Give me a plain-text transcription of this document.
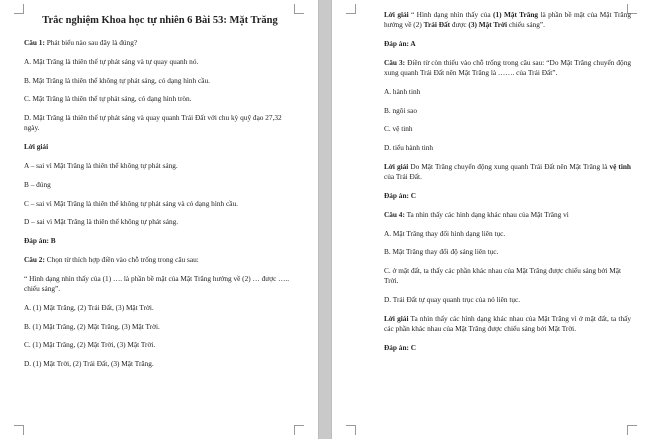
Trắc nghiệm Khoa học tự nhiên 6 Bài 53: Mặt Trăng
Câu 1: Phát biểu nào sau đây là đúng?
A. Mặt Trăng là thiên thể tự phát sáng và tự quay quanh nó.
B. Mặt Trăng là thiên thể không tự phát sáng, có dạng hình cầu.
C. Mặt Trăng là thiên thể tự phát sáng, có dạng hình tròn.
D. Mặt Trăng là thiên thể tự phát sáng và quay quanh Trái Đất với chu kỳ quỹ đạo 27,32 ngày.
Lời giải
A – sai vì Mặt Trăng là thiên thể không tự phát sáng.
B – đúng
C – sai vì Mặt Trăng là thiên thể không tự phát sáng và có dạng hình cầu.
D – sai vì Mặt Trăng là thiên thể không tự phát sáng.
Đáp án: B
Câu 2: Chọn từ thích hợp điền vào chỗ trống trong câu sau:
“ Hình dạng nhìn thấy của (1) …. là phần bề mặt của Mặt Trăng hướng về (2) … được ….. chiếu sáng”.
A. (1) Mặt Trăng, (2) Trái Đất, (3) Mặt Trời.
B. (1) Mặt Trăng, (2) Mặt Trăng, (3) Mặt Trời.
C. (1) Mặt Trăng, (2) Mặt Trời, (3) Mặt Trời.
D. (1) Mặt Trời, (2) Trái Đất, (3) Mặt Trăng.
Lời giải “ Hình dạng nhìn thấy của (1) Mặt Trăng là phần bề mặt của Mặt Trăng hướng về (2) Trái Đất được (3) Mặt Trời chiếu sáng”.
Đáp án: A
Câu 3: Điền từ còn thiếu vào chỗ trống trong câu sau: “Do Mặt Trăng chuyển động xung quanh Trái Đất nên Mặt Trăng là ……. của Trái Đất”.
A. hành tinh
B. ngôi sao
C. vệ tinh
D. tiểu hành tinh
Lời giải Do Mặt Trăng chuyển động xung quanh Trái Đất nên Mặt Trăng là vệ tinh của Trái Đất.
Đáp án: C
Câu 4: Ta nhìn thấy các hình dạng khác nhau của Mặt Trăng vì
A. Mặt Trăng thay đổi hình dạng liên tục.
B. Mặt Trăng thay đổi độ sáng liên tục.
C. ở mặt đất, ta thấy các phần khác nhau của Mặt Trăng được chiếu sáng bởi Mặt Trời.
D. Trái Đất tự quay quanh trục của nó liên tục.
Lời giải Ta nhìn thấy các hình dạng khác nhau của Mặt Trăng vì ở mặt đất, ta thấy các phần khác nhau của Mặt Trăng được chiếu sáng bởi Mặt Trời.
Đáp án: C
